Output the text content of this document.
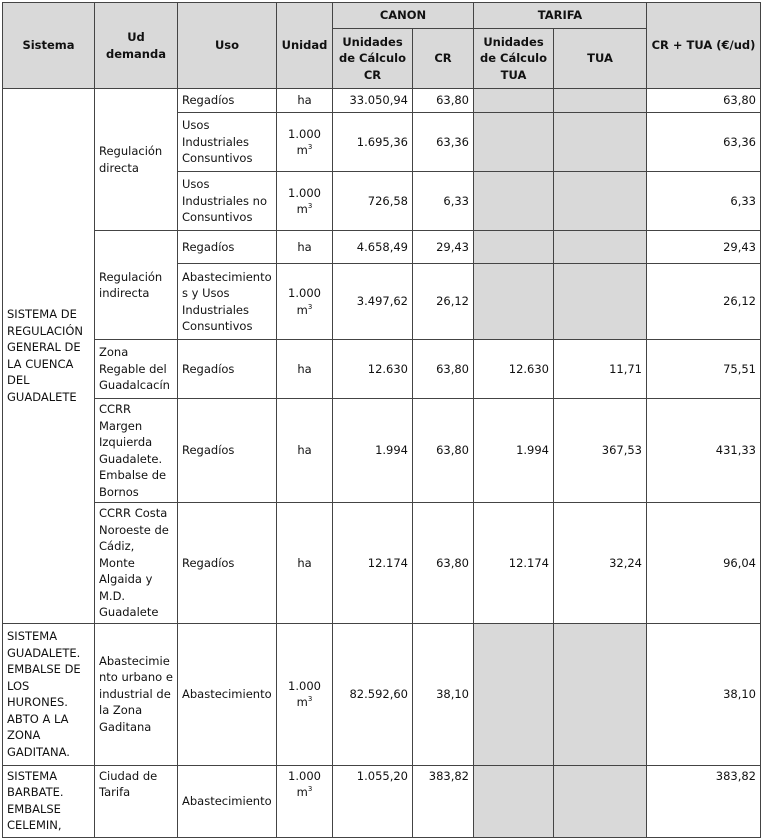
Sistema	Ud demanda	Uso	Unidad	CANON		TARIFA		CR + TUA (€/ud)
				Unidades de Cálculo CR	CR	Unidades de Cálculo TUA	TUA	
SISTEMA DE REGULACIÓN GENERAL DE LA CUENCA DEL GUADALETE	Regulación directa	Regadíos	ha	33.050,94	63,80			63,80
		Usos Industriales Consuntivos	1.000 $m^3$	1.695,36	63,36			63,36
		Usos Industriales no Consuntivos	1.000 $m^3$	726,58	6,33			6,33
	Regulación indirecta	Regadíos	ha	4.658,49	29,43			29,43
		Abastecimientos y Usos Industriales Consuntivos	1.000 $m^3$	3.497,62	26,12			26,12
	Zona Regable del Guadalcacín	Regadíos	ha	12.630	63,80	12.630	11,71	75,51
	CCRR Margen Izquierda Guadalete. Embalse de Bornos	Regadíos	ha	1.994	63,80	1.994	367,53	431,33
	CCRR Costa Noroeste de Cádiz, Monte Algaida y M.D. Guadalete	Regadíos	ha	12.174	63,80	12.174	32,24	96,04
SISTEMA GUADALETE. EMBALSE DE LOS HURONES. ABTO A LA ZONA GADITANA.	Abastecimiento urbano e industrial de la Zona Gaditana	Abastecimiento	1.000 $m^3$	82.592,60	38,10			38,10
SISTEMA BARBATE. EMBALSE CELEMIN,	Ciudad de Tarifa	Abastecimiento	1.000 $m^3$	1.055,20	383,82			383,82
